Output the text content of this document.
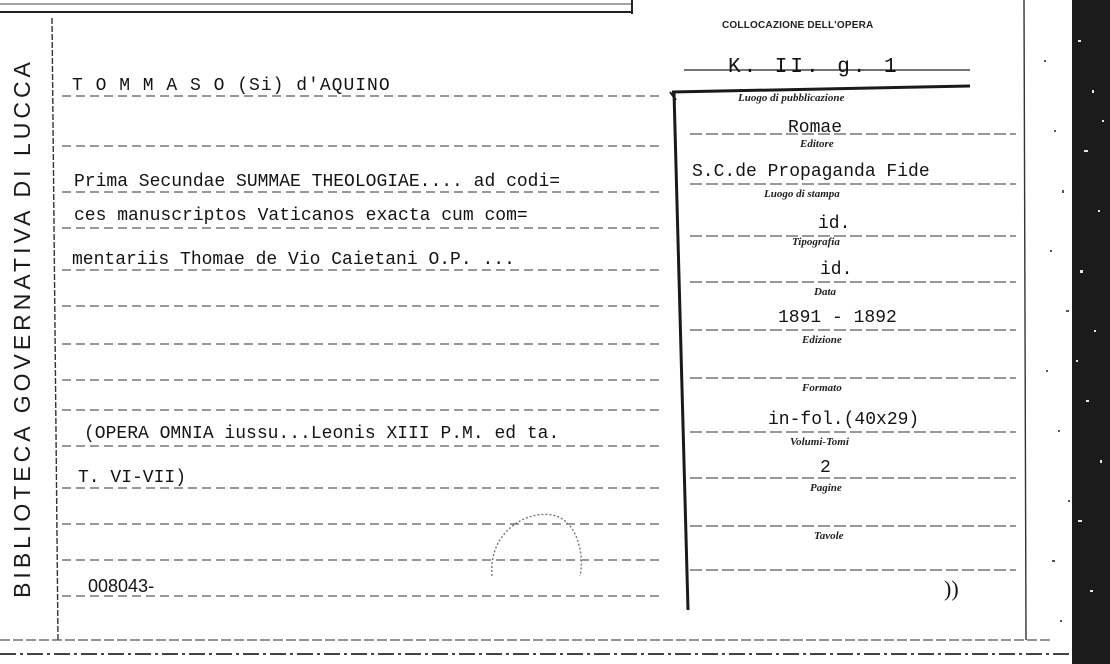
BIBLIOTECA GOVERNATIVA DI LUCCA
COLLOCAZIONE DELL'OPERA
K. II. g. 1
T O M M A S O (Si) d'AQUINO
Prima Secundae SUMMAE THEOLOGIAE.... ad codi=
ces manuscriptos Vaticanos exacta cum com=
mentariis Thomae de Vio Caietani O.P. ...
(OPERA OMNIA iussu...Leonis XIII P.M. ed ta.
T. VI-VII)
008043-
Romae
Luogo di pubblicazione
Editore
S.C.de Propaganda Fide
Luogo di stampa
id.
Tipografia
id.
Data
1891 - 1892
Edizione
Formato
in-fol.(40x29)
Volumi-Tomi
2
Pagine
Tavole
))
